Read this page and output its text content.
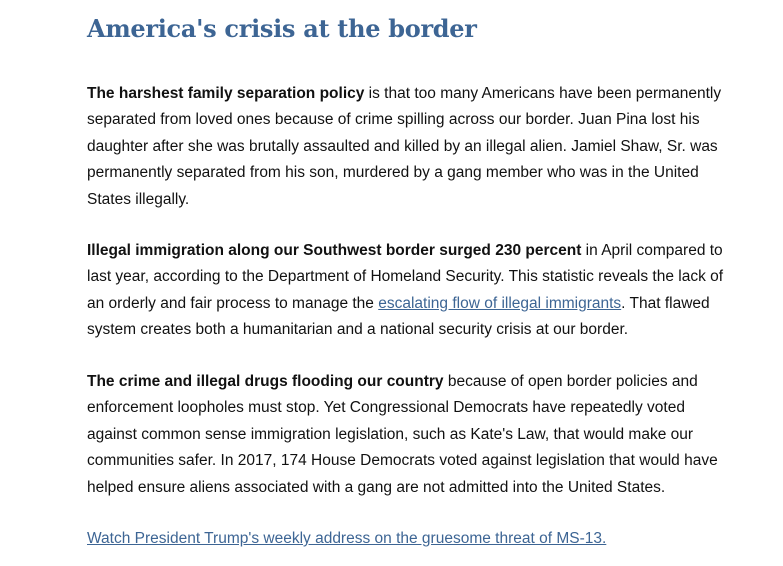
America's crisis at the border

The harshest family separation policy is that too many Americans have been permanently separated from loved ones because of crime spilling across our border. Juan Pina lost his daughter after she was brutally assaulted and killed by an illegal alien. Jamiel Shaw, Sr. was permanently separated from his son, murdered by a gang member who was in the United States illegally.

Illegal immigration along our Southwest border surged 230 percent in April compared to last year, according to the Department of Homeland Security. This statistic reveals the lack of an orderly and fair process to manage the escalating flow of illegal immigrants. That flawed system creates both a humanitarian and a national security crisis at our border.

The crime and illegal drugs flooding our country because of open border policies and enforcement loopholes must stop. Yet Congressional Democrats have repeatedly voted against common sense immigration legislation, such as Kate's Law, that would make our communities safer. In 2017, 174 House Democrats voted against legislation that would have helped ensure aliens associated with a gang are not admitted into the United States.

Watch President Trump's weekly address on the gruesome threat of MS-13.
